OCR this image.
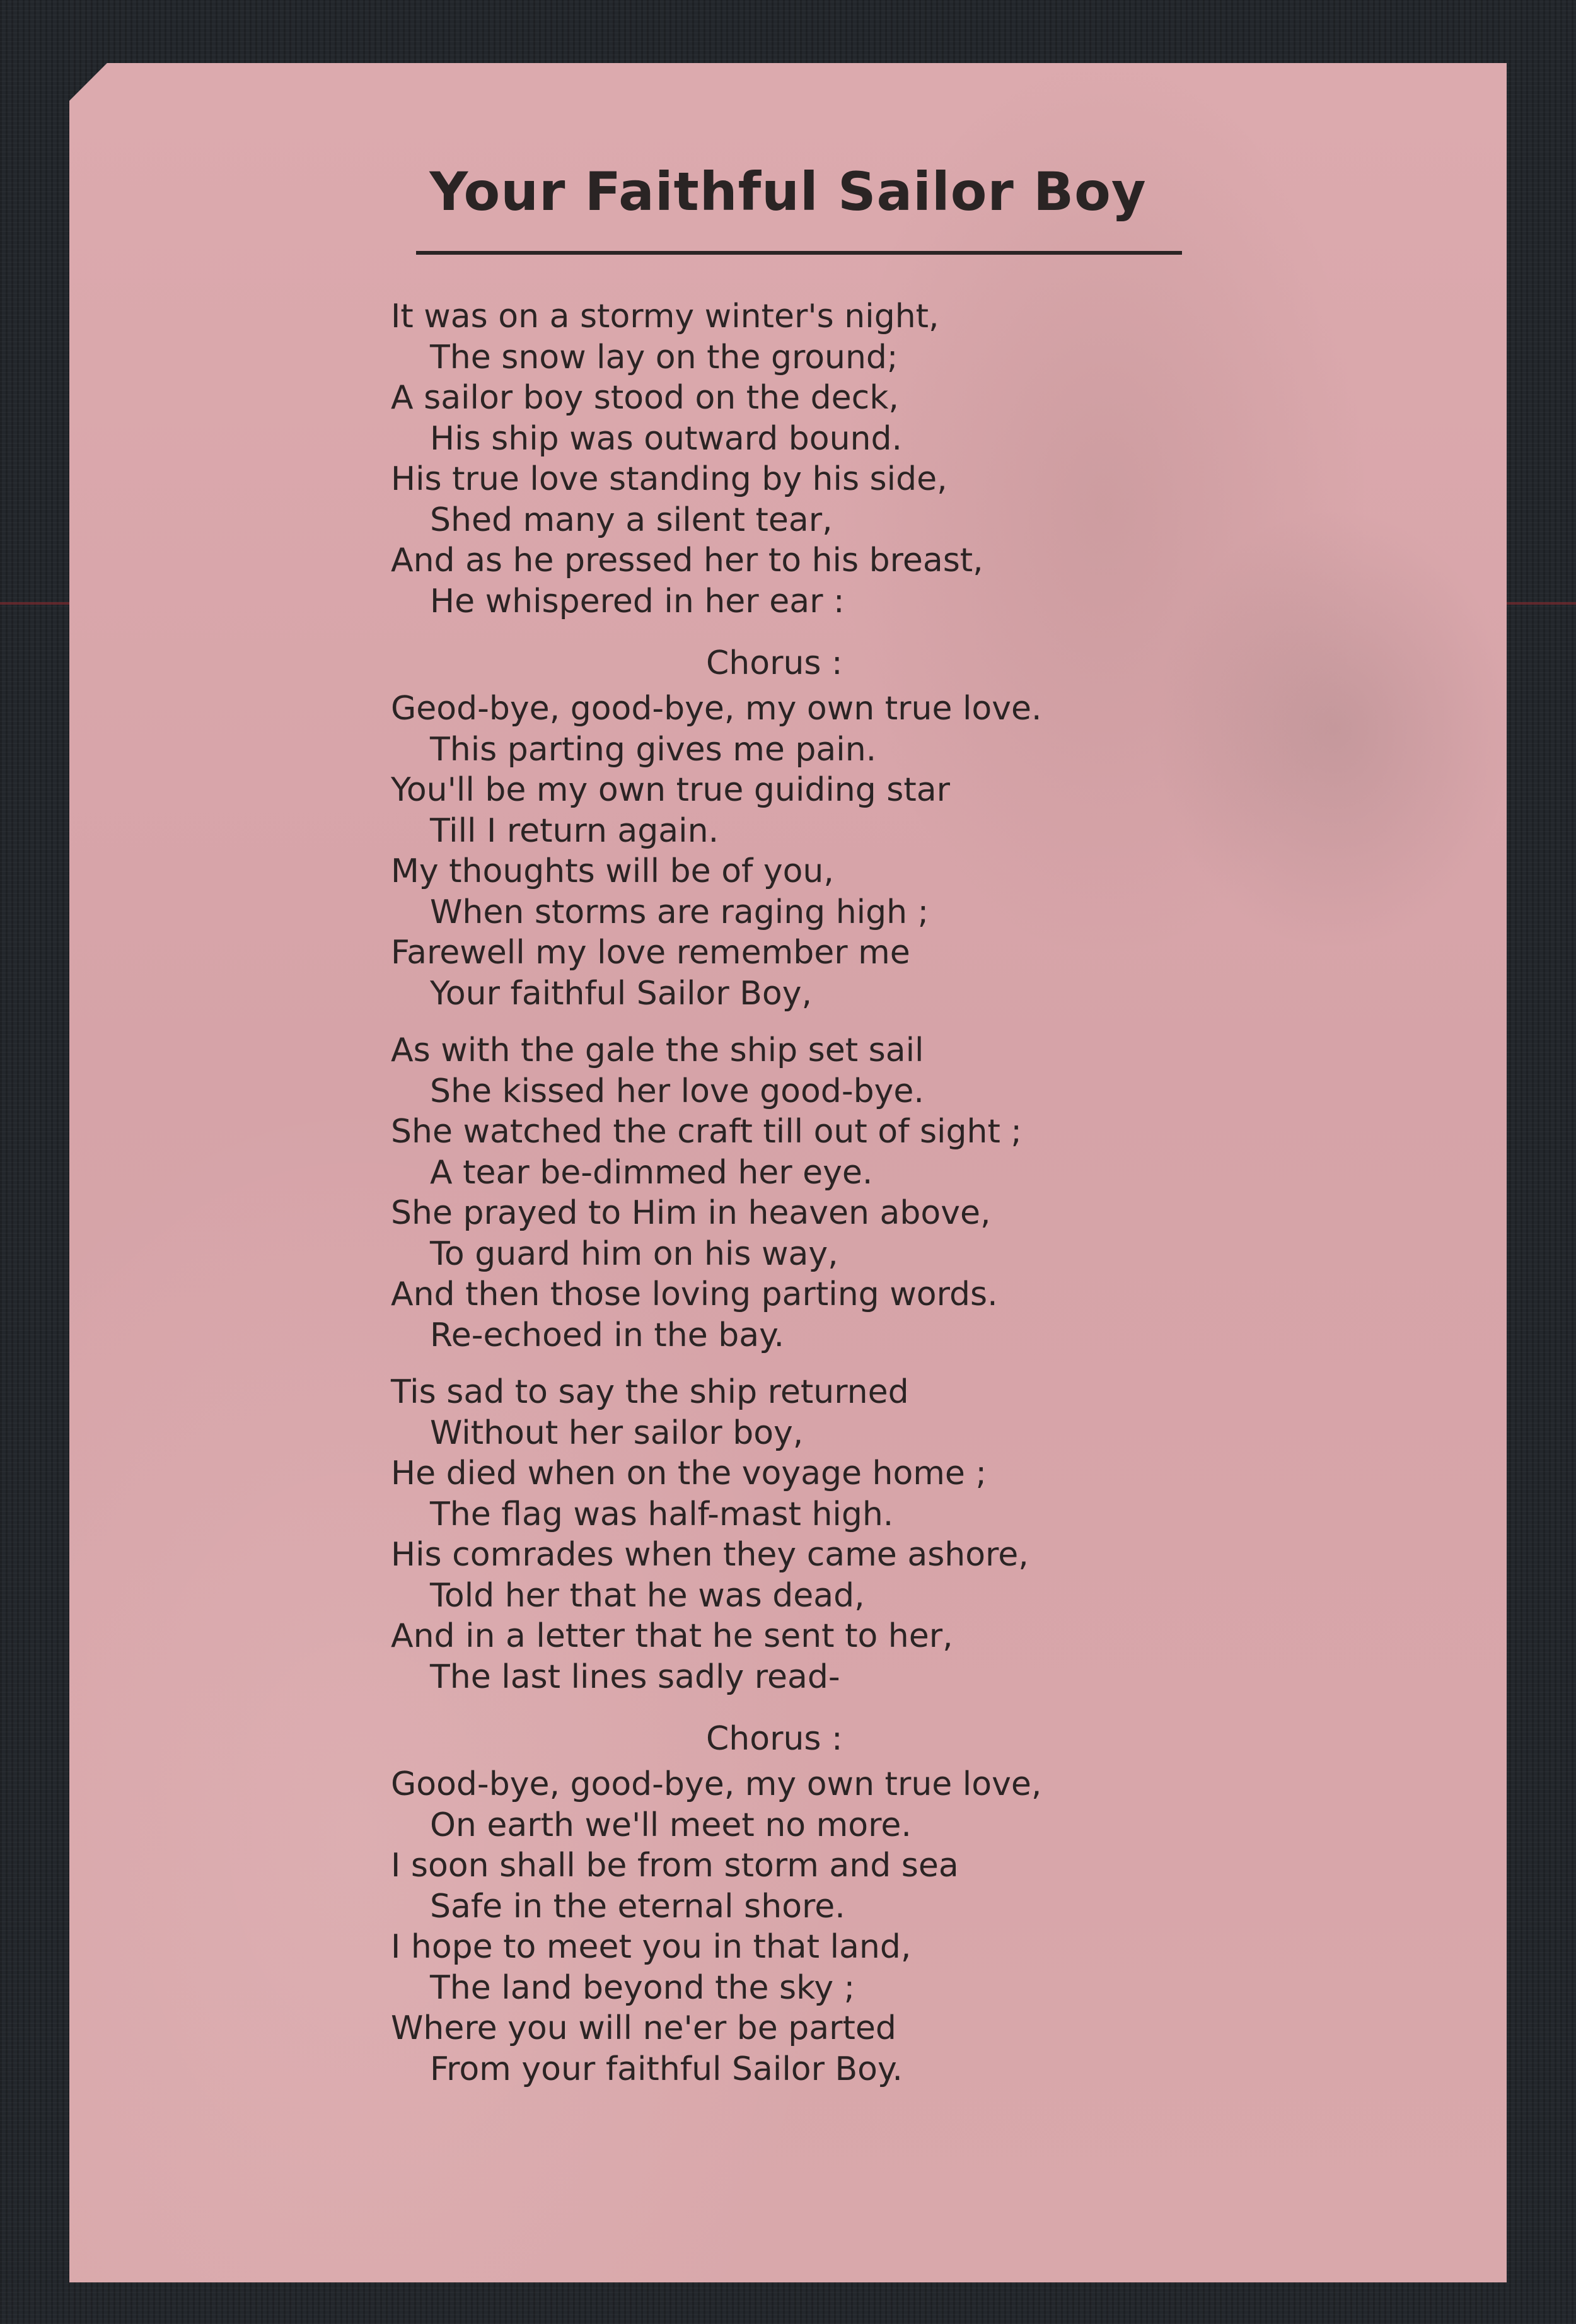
Your Faithful Sailor Boy
It was on a stormy winter's night,
The snow lay on the ground;
A sailor boy stood on the deck,
His ship was outward bound.
His true love standing by his side,
Shed many a silent tear,
And as he pressed her to his breast,
He whispered in her ear :
Chorus :
Geod-bye, good-bye, my own true love.
This parting gives me pain.
You'll be my own true guiding star
Till I return again.
My thoughts will be of you,
When storms are raging high ;
Farewell my love remember me
Your faithful Sailor Boy,
As with the gale the ship set sail
She kissed her love good-bye.
She watched the craft till out of sight ;
A tear be-dimmed her eye.
She prayed to Him in heaven above,
To guard him on his way,
And then those loving parting words.
Re-echoed in the bay.
Tis sad to say the ship returned
Without her sailor boy,
He died when on the voyage home ;
The flag was half-mast high.
His comrades when they came ashore,
Told her that he was dead,
And in a letter that he sent to her,
The last lines sadly read-
Chorus :
Good-bye, good-bye, my own true love,
On earth we'll meet no more.
I soon shall be from storm and sea
Safe in the eternal shore.
I hope to meet you in that land,
The land beyond the sky ;
Where you will ne'er be parted
From your faithful Sailor Boy.
